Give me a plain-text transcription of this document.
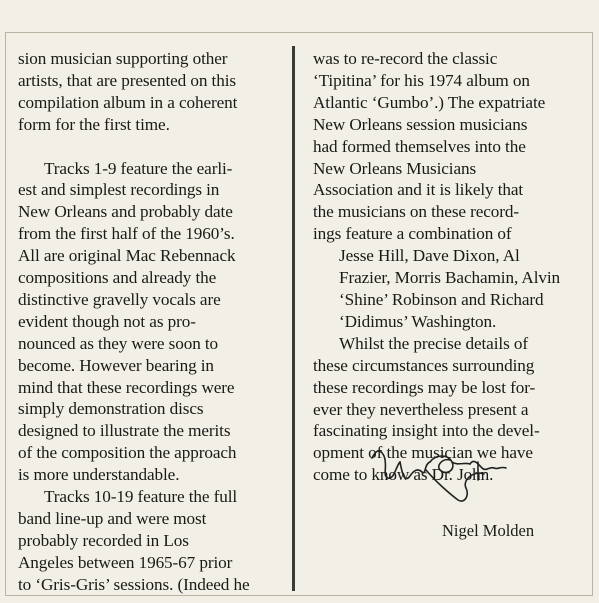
sion musician supporting other

artists, that are presented on this

compilation album in a coherent

form for the first time.

Tracks 1-9 feature the earli-

est and simplest recordings in

New Orleans and probably date

from the first half of the 1960’s.

All are original Mac Rebennack

compositions and already the

distinctive gravelly vocals are

evident though not as pro-

nounced as they were soon to

become. However bearing in

mind that these recordings were

simply demonstration discs

designed to illustrate the merits

of the composition the approach

is more understandable.

Tracks 10-19 feature the full

band line-up and were most

probably recorded in Los

Angeles between 1965-67 prior

to ‘Gris-Gris’ sessions. (Indeed he

was to re-record the classic

‘Tipitina’ for his 1974 album on

Atlantic ‘Gumbo’.) The expatriate

New Orleans session musicians

had formed themselves into the

New Orleans Musicians

Association and it is likely that

the musicians on these record-

ings feature a combination of

Jesse Hill, Dave Dixon, Al

Frazier, Morris Bachamin, Alvin

‘Shine’ Robinson and Richard

‘Didimus’ Washington.

Whilst the precise details of

these circumstances surrounding

these recordings may be lost for-

ever they nevertheless present a

fascinating insight into the devel-

opment of the musician we have

come to know as Dr. John.

Nigel Molden
